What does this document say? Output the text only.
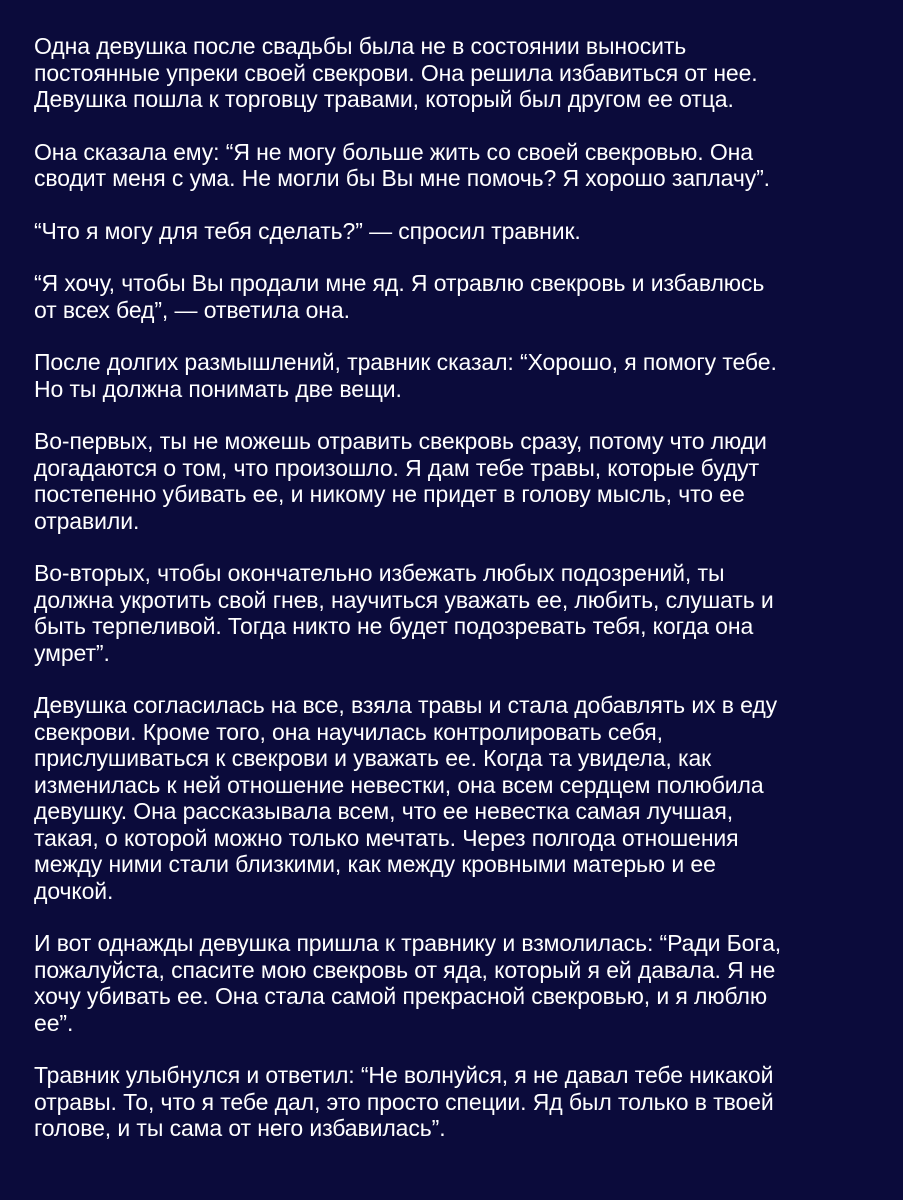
Одна девушка после свадьбы была не в состоянии выносить
постоянные упреки своей свекрови. Она решила избавиться от нее.
Девушка пошла к торговцу травами, который был другом ее отца.

Она сказала ему: “Я не могу больше жить со своей свекровью. Она
сводит меня с ума. Не могли бы Вы мне помочь? Я хорошо заплачу”.

“Что я могу для тебя сделать?” — спросил травник.

“Я хочу, чтобы Вы продали мне яд. Я отравлю свекровь и избавлюсь
от всех бед”, — ответила она.

После долгих размышлений, травник сказал: “Хорошо, я помогу тебе.
Но ты должна понимать две вещи.

Во-первых, ты не можешь отравить свекровь сразу, потому что люди
догадаются о том, что произошло. Я дам тебе травы, которые будут
постепенно убивать ее, и никому не придет в голову мысль, что ее
отравили.

Во-вторых, чтобы окончательно избежать любых подозрений, ты
должна укротить свой гнев, научиться уважать ее, любить, слушать и
быть терпеливой. Тогда никто не будет подозревать тебя, когда она
умрет”.

Девушка согласилась на все, взяла травы и стала добавлять их в еду
свекрови. Кроме того, она научилась контролировать себя,
прислушиваться к свекрови и уважать ее. Когда та увидела, как
изменилась к ней отношение невестки, она всем сердцем полюбила
девушку. Она рассказывала всем, что ее невестка самая лучшая,
такая, о которой можно только мечтать. Через полгода отношения
между ними стали близкими, как между кровными матерью и ее
дочкой.

И вот однажды девушка пришла к травнику и взмолилась: “Ради Бога,
пожалуйста, спасите мою свекровь от яда, который я ей давала. Я не
хочу убивать ее. Она стала самой прекрасной свекровью, и я люблю
ее”.

Травник улыбнулся и ответил: “Не волнуйся, я не давал тебе никакой
отравы. То, что я тебе дал, это просто специи. Яд был только в твоей
голове, и ты сама от него избавилась”.
